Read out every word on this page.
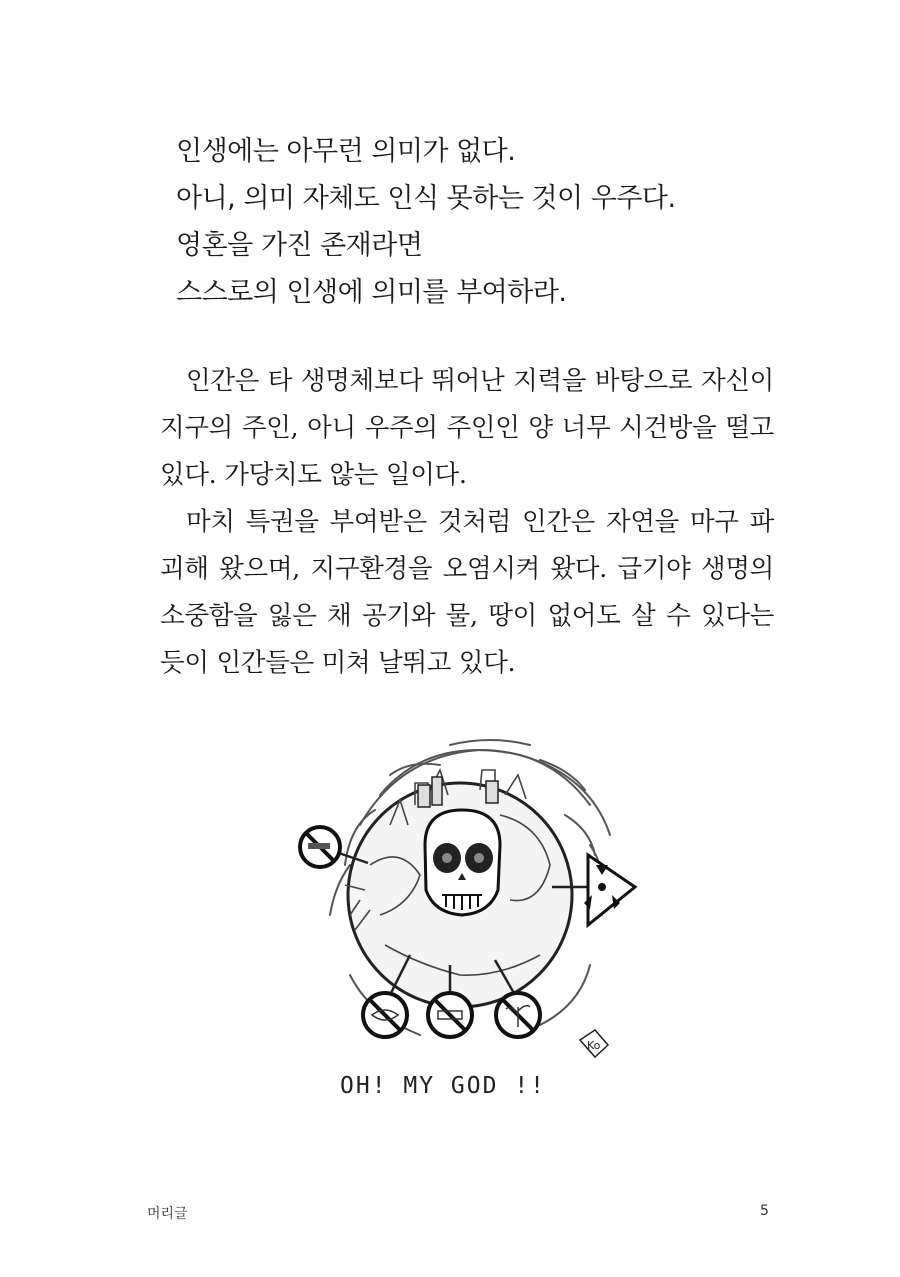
인생에는 아무런 의미가 없다.
아니, 의미 자체도 인식 못하는 것이 우주다.
영혼을 가진 존재라면
스스로의 인생에 의미를 부여하라.

인간은 타 생명체보다 뛰어난 지력을 바탕으로 자신이 지구의 주인, 아니 우주의 주인인 양 너무 시건방을 떨고 있다. 가당치도 않는 일이다.

마치 특권을 부여받은 것처럼 인간은 자연을 마구 파괴해 왔으며, 지구환경을 오염시켜 왔다. 급기야 생명의 소중함을 잃은 채 공기와 물, 땅이 없어도 살 수 있다는 듯이 인간들은 미쳐 날뛰고 있다.

Ko
OH! MY GOD !!
머리글	5
